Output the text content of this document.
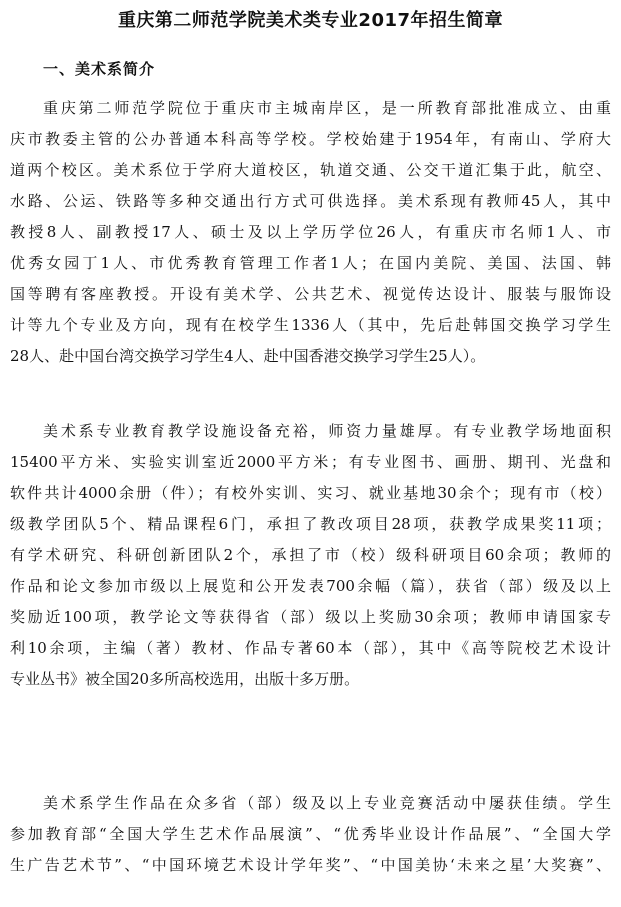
重庆第二师范学院美术类专业2017年招生简章
一、美术系简介
重庆第二师范学院位于重庆市主城南岸区，是一所教育部批准成立、由重
庆市教委主管的公办普通本科高等学校。学校始建于1954年，有南山、学府大
道两个校区。美术系位于学府大道校区，轨道交通、公交干道汇集于此，航空、
水路、公运、铁路等多种交通出行方式可供选择。美术系现有教师45人，其中
教授8人、副教授17人、硕士及以上学历学位26人，有重庆市名师1人、市
优秀女园丁1人、市优秀教育管理工作者1人；在国内美院、美国、法国、韩
国等聘有客座教授。开设有美术学、公共艺术、视觉传达设计、服装与服饰设
计等九个专业及方向，现有在校学生1336人（其中，先后赴韩国交换学习学生
28人、赴中国台湾交换学习学生4人、赴中国香港交换学习学生25人）。
美术系专业教育教学设施设备充裕，师资力量雄厚。有专业教学场地面积
15400平方米、实验实训室近2000平方米；有专业图书、画册、期刊、光盘和
软件共计4000余册（件）；有校外实训、实习、就业基地30余个；现有市（校）
级教学团队5个、精品课程6门，承担了教改项目28项，获教学成果奖11项；
有学术研究、科研创新团队2个，承担了市（校）级科研项目60余项；教师的
作品和论文参加市级以上展览和公开发表700余幅（篇），获省（部）级及以上
奖励近100项，教学论文等获得省（部）级以上奖励30余项；教师申请国家专
利10余项，主编（著）教材、作品专著60本（部），其中《高等院校艺术设计
专业丛书》被全国20多所高校选用，出版十多万册。
美术系学生作品在众多省（部）级及以上专业竞赛活动中屡获佳绩。学生
参加教育部“全国大学生艺术作品展演”、“优秀毕业设计作品展”、“全国大学
生广告艺术节”、“中国环境艺术设计学年奖”、“中国美协‘未来之星’大奖赛”、
